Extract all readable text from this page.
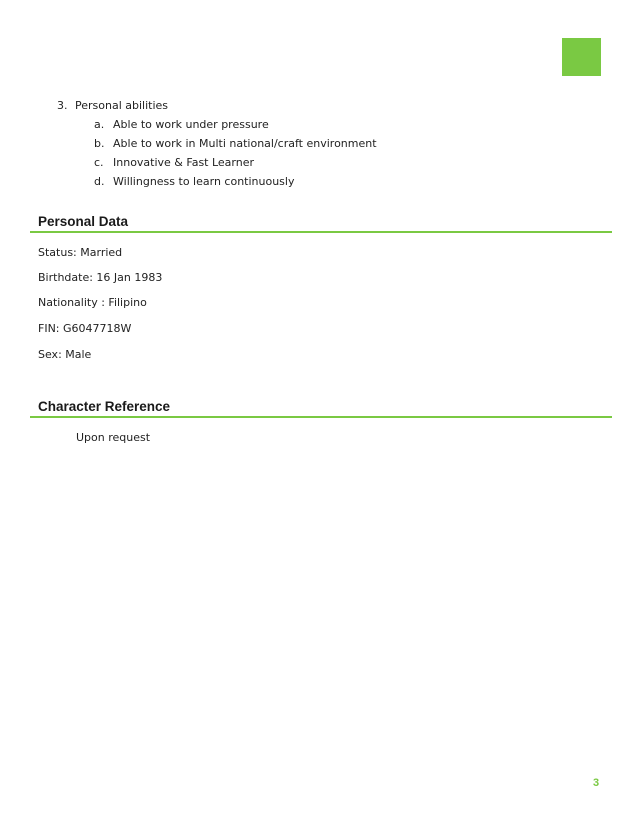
3. Personal abilities
a. Able to work under pressure
b. Able to work in Multi national/craft environment
c. Innovative & Fast Learner
d. Willingness to learn continuously
Personal Data
Status: Married
Birthdate: 16 Jan 1983
Nationality : Filipino
FIN: G6047718W
Sex: Male
Character Reference
Upon request
3
